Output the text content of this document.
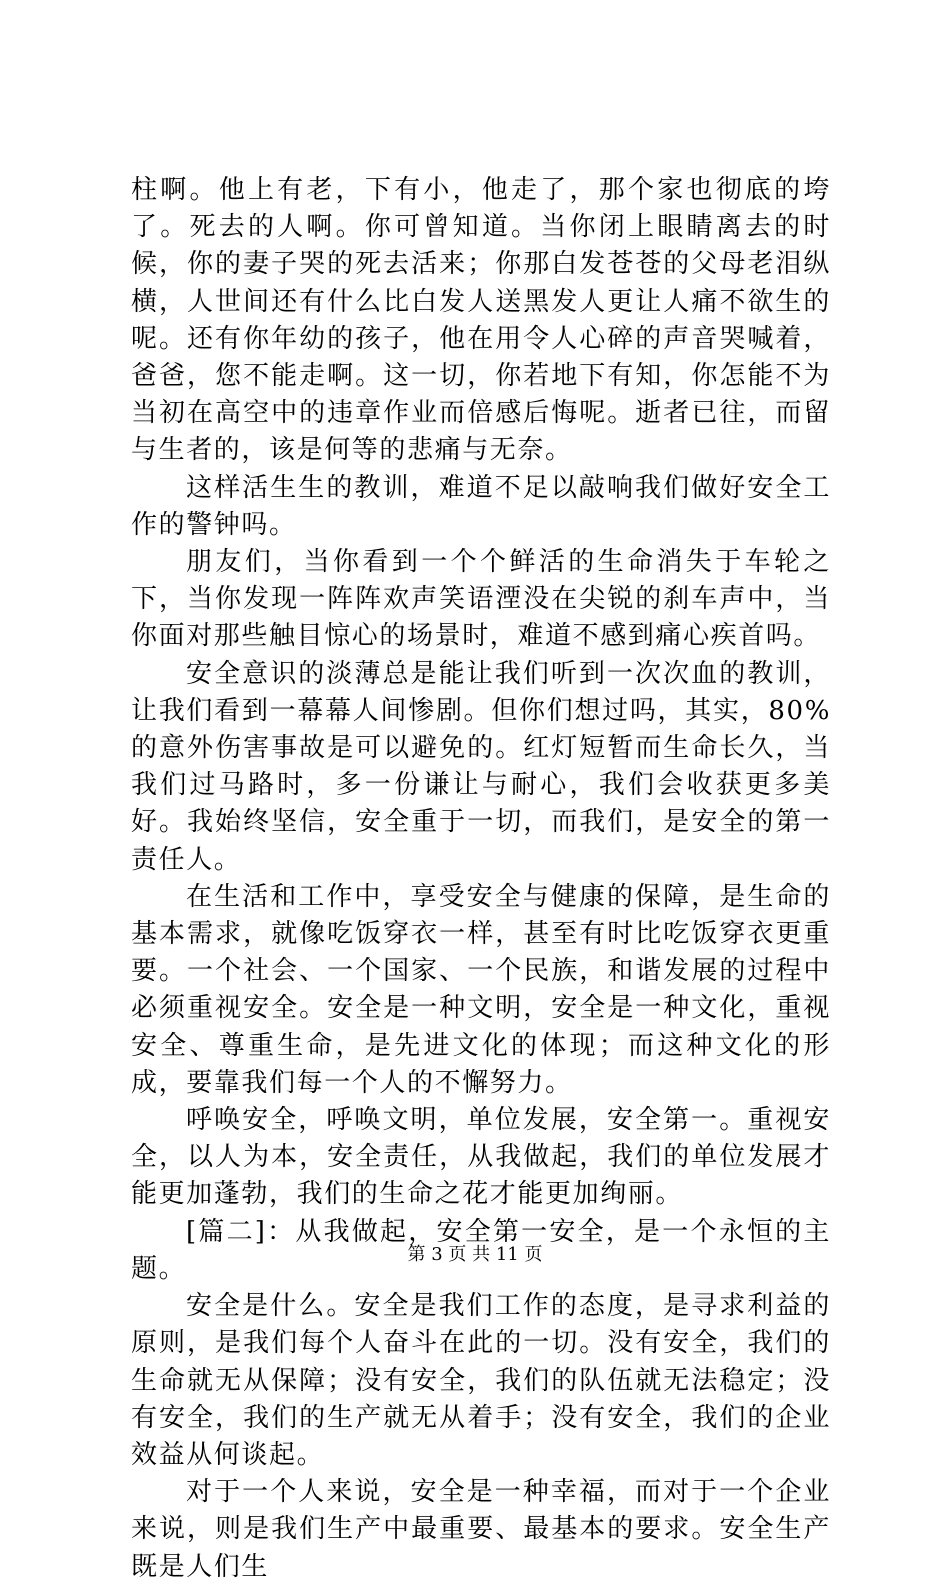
柱啊。他上有老，下有小，他走了，那个家也彻底的垮了。死去的人啊。你可曾知道。当你闭上眼睛离去的时候，你的妻子哭的死去活来；你那白发苍苍的父母老泪纵横，人世间还有什么比白发人送黑发人更让人痛不欲生的呢。还有你年幼的孩子，他在用令人心碎的声音哭喊着，爸爸，您不能走啊。这一切，你若地下有知，你怎能不为当初在高空中的违章作业而倍感后悔呢。逝者已往，而留与生者的，该是何等的悲痛与无奈。

这样活生生的教训，难道不足以敲响我们做好安全工作的警钟吗。

朋友们，当你看到一个个鲜活的生命消失于车轮之下，当你发现一阵阵欢声笑语湮没在尖锐的刹车声中，当你面对那些触目惊心的场景时，难道不感到痛心疾首吗。

安全意识的淡薄总是能让我们听到一次次血的教训，让我们看到一幕幕人间惨剧。但你们想过吗，其实，80%的意外伤害事故是可以避免的。红灯短暂而生命长久，当我们过马路时，多一份谦让与耐心，我们会收获更多美好。我始终坚信，安全重于一切，而我们，是安全的第一责任人。

在生活和工作中，享受安全与健康的保障，是生命的基本需求，就像吃饭穿衣一样，甚至有时比吃饭穿衣更重要。一个社会、一个国家、一个民族，和谐发展的过程中必须重视安全。安全是一种文明，安全是一种文化，重视安全、尊重生命，是先进文化的体现；而这种文化的形成，要靠我们每一个人的不懈努力。

呼唤安全，呼唤文明，单位发展，安全第一。重视安全，以人为本，安全责任，从我做起，我们的单位发展才能更加蓬勃，我们的生命之花才能更加绚丽。

[篇二]：从我做起，安全第一安全，是一个永恒的主题。

安全是什么。安全是我们工作的态度，是寻求利益的原则，是我们每个人奋斗在此的一切。没有安全，我们的生命就无从保障；没有安全，我们的队伍就无法稳定；没有安全，我们的生产就无从着手；没有安全，我们的企业效益从何谈起。

对于一个人来说，安全是一种幸福，而对于一个企业来说，则是我们生产中最重要、最基本的要求。安全生产既是人们生

第 3 页 共 11 页
